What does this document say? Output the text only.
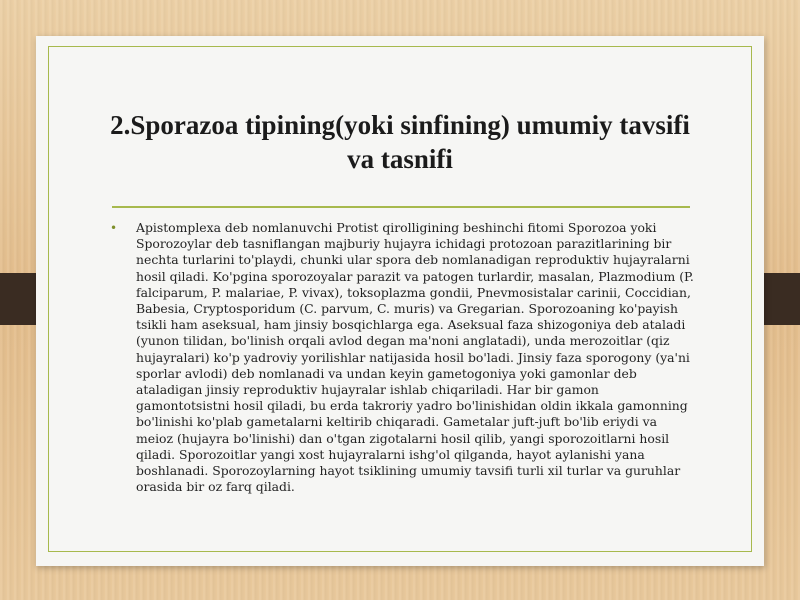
2.Sporazoa tipining(yoki sinfining) umumiy tavsifi va tasnifi
• Apistomplexa deb nomlanuvchi Protist qirolligining beshinchi fitomi Sporozoa yoki Sporozoylar deb tasniflangan majburiy hujayra ichidagi protozoan parazitlarining bir nechta turlarini to'playdi, chunki ular spora deb nomlanadigan reproduktiv hujayralarni hosil qiladi. Ko'pgina sporozoyalar parazit va patogen turlardir, masalan, Plazmodium (P. falciparum, P. malariae, P. vivax), toksoplazma gondii, Pnevmosistalar carinii, Coccidian, Babesia, Cryptosporidum (C. parvum, C. muris) va Gregarian. Sporozoaning ko'payish tsikli ham aseksual, ham jinsiy bosqichlarga ega. Aseksual faza shizogoniya deb ataladi (yunon tilidan, bo'linish orqali avlod degan ma'noni anglatadi), unda merozoitlar (qiz hujayralari) ko'p yadroviy yorilishlar natijasida hosil bo'ladi. Jinsiy faza sporogony (ya'ni sporlar avlodi) deb nomlanadi va undan keyin gametogoniya yoki gamonlar deb ataladigan jinsiy reproduktiv hujayralar ishlab chiqariladi. Har bir gamon gamontotsistni hosil qiladi, bu erda takroriy yadro bo'linishidan oldin ikkala gamonning bo'linishi ko'plab gametalarni keltirib chiqaradi. Gametalar juft-juft bo'lib eriydi va meioz (hujayra bo'linishi) dan o'tgan zigotalarni hosil qilib, yangi sporozoitlarni hosil qiladi. Sporozoitlar yangi xost hujayralarni ishg'ol qilganda, hayot aylanishi yana boshlanadi. Sporozoylarning hayot tsiklining umumiy tavsifi turli xil turlar va guruhlar orasida bir oz farq qiladi.
